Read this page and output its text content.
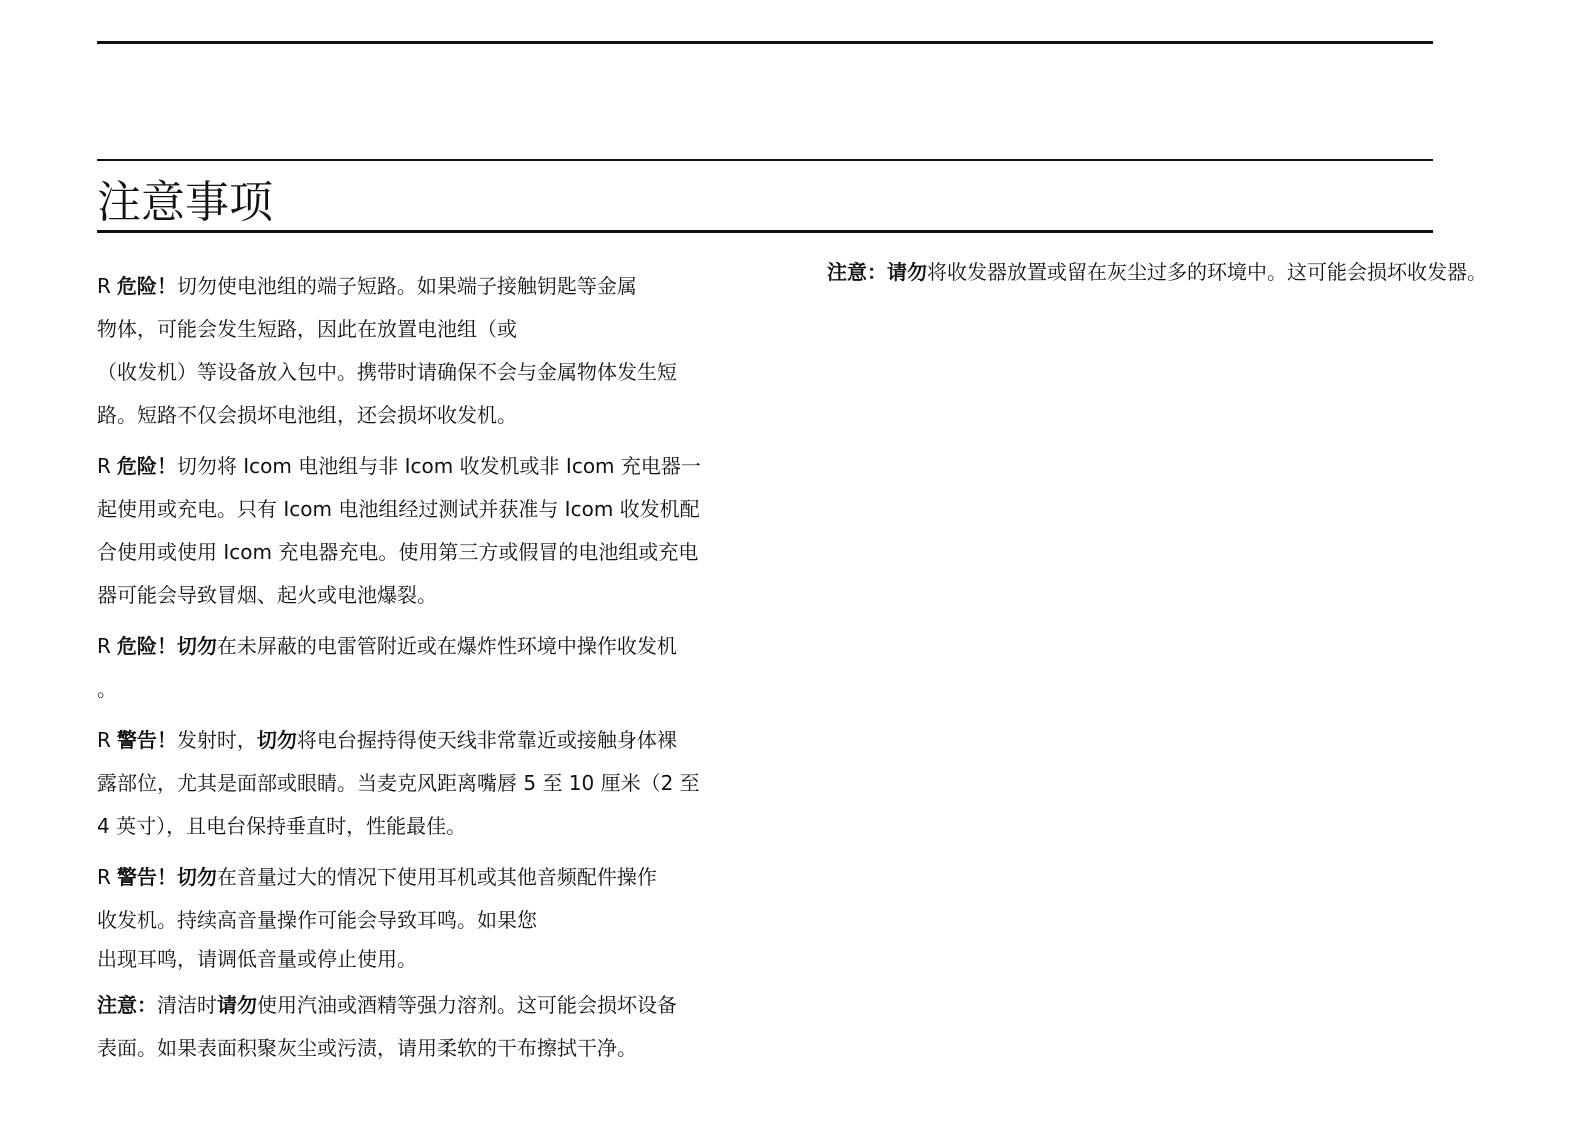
注意事项
R 危险！切勿使电池组的端子短路。如果端子接触钥匙等金属
物体，可能会发生短路，因此在放置电池组（或
（收发机）等设备放入包中。携带时请确保不会与金属物体发生短
路。短路不仅会损坏电池组，还会损坏收发机。
R 危险！切勿将 Icom 电池组与非 Icom 收发机或非 Icom 充电器一
起使用或充电。只有 Icom 电池组经过测试并获准与 Icom 收发机配
合使用或使用 Icom 充电器充电。使用第三方或假冒的电池组或充电
器可能会导致冒烟、起火或电池爆裂。
R 危险！切勿在未屏蔽的电雷管附近或在爆炸性环境中操作收发机
。
R 警告！发射时，切勿将电台握持得使天线非常靠近或接触身体裸
露部位，尤其是面部或眼睛。当麦克风距离嘴唇 5 至 10 厘米（2 至
4 英寸），且电台保持垂直时，性能最佳。
R 警告！切勿在音量过大的情况下使用耳机或其他音频配件操作
收发机。持续高音量操作可能会导致耳鸣。如果您
出现耳鸣，请调低音量或停止使用。
注意：清洁时请勿使用汽油或酒精等强力溶剂。这可能会损坏设备
表面。如果表面积聚灰尘或污渍，请用柔软的干布擦拭干净。
注意：请勿将收发器放置或留在灰尘过多的环境中。这可能会损坏收发器。
